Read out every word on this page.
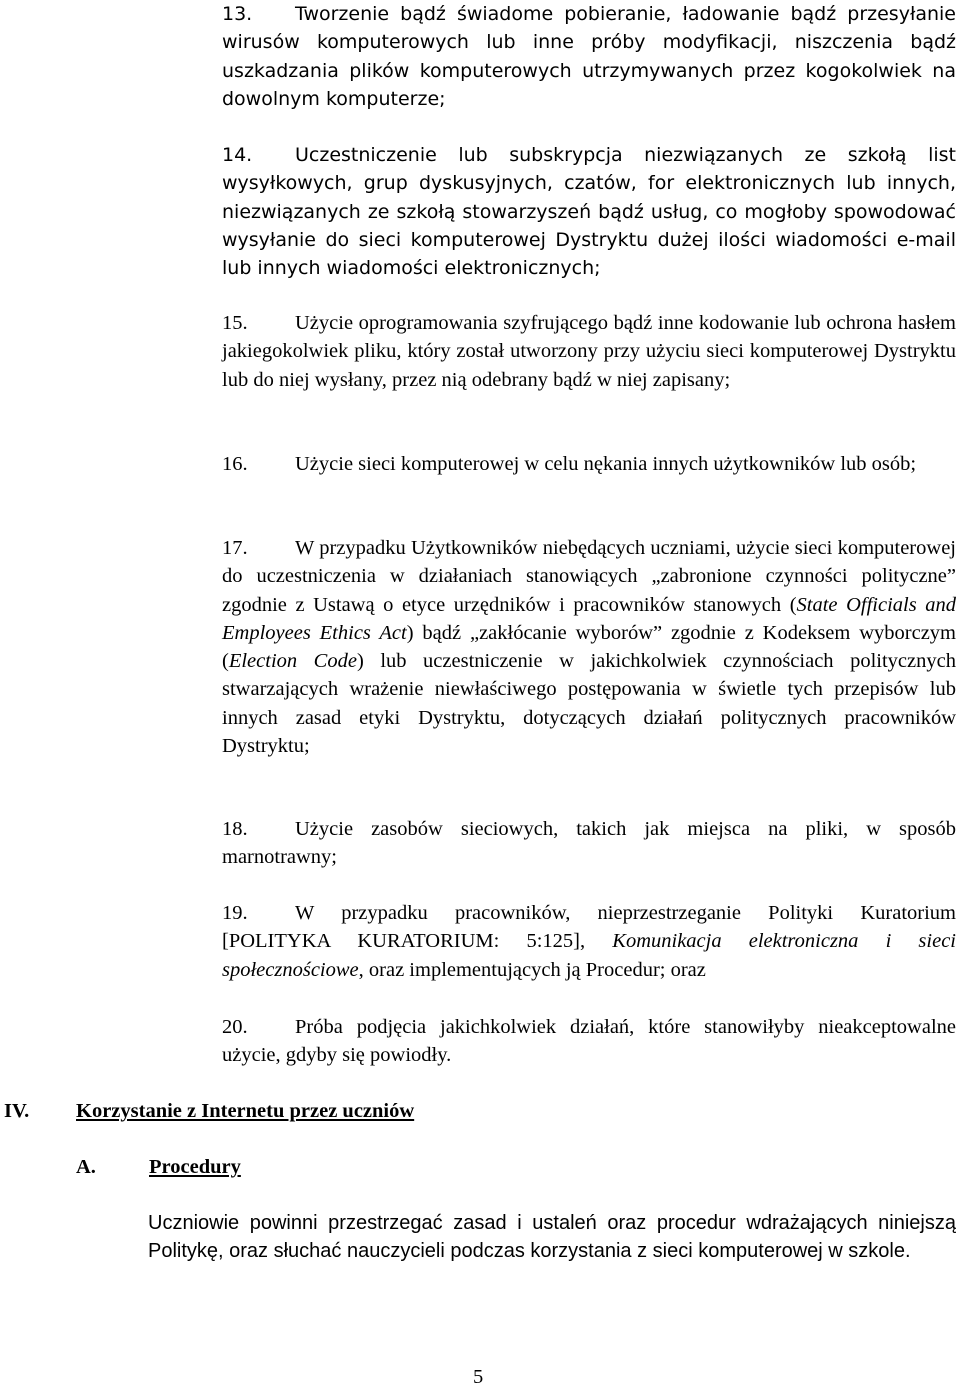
13. Tworzenie bądź świadome pobieranie, ładowanie bądź przesyłanie wirusów komputerowych lub inne próby modyfikacji, niszczenia bądź uszkadzania plików komputerowych utrzymywanych przez kogokolwiek na dowolnym komputerze;
14. Uczestniczenie lub subskrypcja niezwiązanych ze szkołą list wysyłkowych, grup dyskusyjnych, czatów, for elektronicznych lub innych, niezwiązanych ze szkołą stowarzyszeń bądź usług, co mogłoby spowodować wysyłanie do sieci komputerowej Dystryktu dużej ilości wiadomości e-mail lub innych wiadomości elektronicznych;
15. Użycie oprogramowania szyfrującego bądź inne kodowanie lub ochrona hasłem jakiegokolwiek pliku, który został utworzony przy użyciu sieci komputerowej Dystryktu lub do niej wysłany, przez nią odebrany bądź w niej zapisany;
16. Użycie sieci komputerowej w celu nękania innych użytkowników lub osób;
17. W przypadku Użytkowników niebędących uczniami, użycie sieci komputerowej do uczestniczenia w działaniach stanowiących „zabronione czynności polityczne” zgodnie z Ustawą o etyce urzędników i pracowników stanowych (State Officials and Employees Ethics Act) bądź „zakłócanie wyborów” zgodnie z Kodeksem wyborczym (Election Code) lub uczestniczenie w jakichkolwiek czynnościach politycznych stwarzających wrażenie niewłaściwego postępowania w świetle tych przepisów lub innych zasad etyki Dystryktu, dotyczących działań politycznych pracowników Dystryktu;
18. Użycie zasobów sieciowych, takich jak miejsca na pliki, w sposób marnotrawny;
19. W przypadku pracowników, nieprzestrzeganie Polityki Kuratorium [POLITYKA KURATORIUM: 5:125], Komunikacja elektroniczna i sieci społecznościowe, oraz implementujących ją Procedur; oraz
20. Próba podjęcia jakichkolwiek działań, które stanowiłyby nieakceptowalne użycie, gdyby się powiodły.
IV. Korzystanie z Internetu przez uczniów
A.	Procedury
Uczniowie powinni przestrzegać zasad i ustaleń oraz procedur wdrażających niniejszą Politykę, oraz słuchać nauczycieli podczas korzystania z sieci komputerowej w szkole.
5
